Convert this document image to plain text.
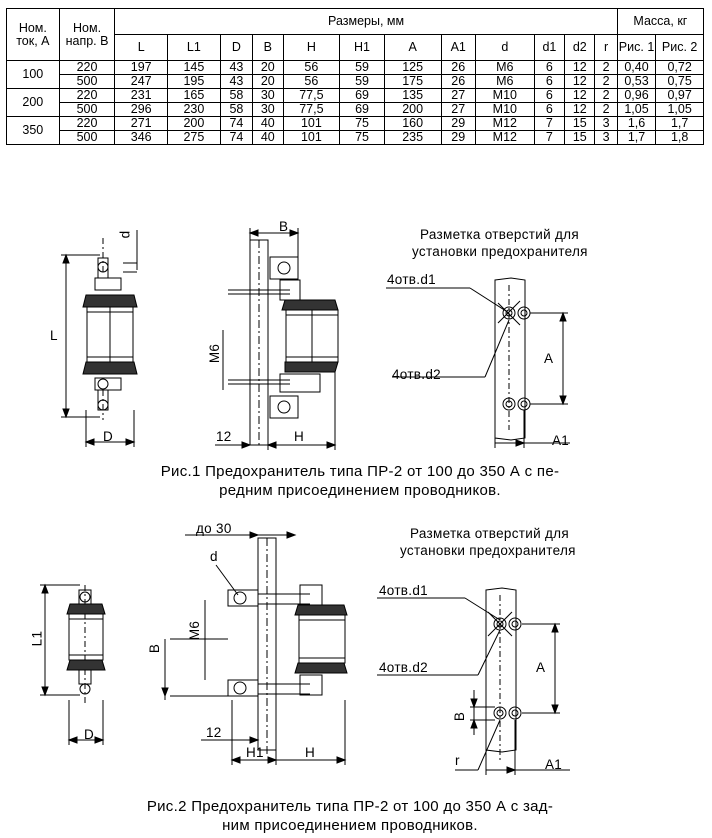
Ном. ток, А	Ном. напр. В	Размеры, мм												Масса, кг	
		L	L1	D	B	H	H1	A	A1	d	d1	d2	r	Рис. 1	Рис. 2
100	220	197	145	43	20	56	59	125	26	М6	6	12	2	0,40	0,72
	500	247	195	43	20	56	59	175	26	М6	6	12	2	0,53	0,75
200	220	231	165	58	30	77,5	69	135	27	М10	6	12	2	0,96	0,97
	500	296	230	58	30	77,5	69	200	27	М10	6	12	2	1,05	1,05
350	220	271	200	74	40	101	75	160	29	М12	7	15	3	1,6	1,7
	500	346	275	74	40	101	75	235	29	М12	7	15	3	1,7	1,8
d
L
D
B
M6
12	H
Разметка отверстий для
установки предохранителя
4отв.d1
4отв.d2
A
A1
Рис.1 Предохранитель типа ПР-2 от 100 до 350 А с пе-
редним присоединением проводников.
до 30
d
L1
D
M6
B
12
H1	H
Разметка отверстий для
установки предохранителя
4отв.d1
4отв.d2	A
B
r	A1
Рис.2 Предохранитель типа ПР-2 от 100 до 350 А с зад-
ним присоединением проводников.
